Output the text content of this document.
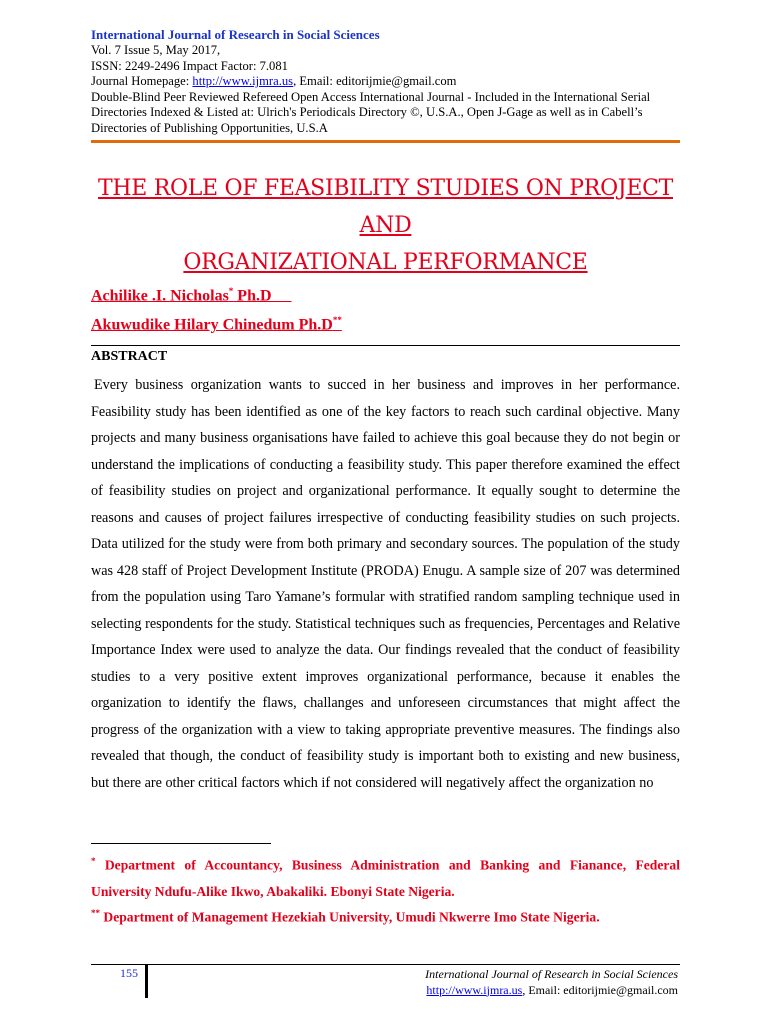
International Journal of Research in Social Sciences
Vol. 7 Issue 5, May 2017,
ISSN: 2249-2496 Impact Factor: 7.081
Journal Homepage: http://www.ijmra.us, Email: editorijmie@gmail.com
Double-Blind Peer Reviewed Refereed Open Access International Journal - Included in the International Serial
Directories Indexed & Listed at: Ulrich's Periodicals Directory ©, U.S.A., Open J-Gage as well as in Cabell’s
Directories of Publishing Opportunities, U.S.A
THE ROLE OF FEASIBILITY STUDIES ON PROJECT AND
ORGANIZATIONAL PERFORMANCE
Achilike .I. Nicholas* Ph.D
Akuwudike Hilary Chinedum Ph.D**
ABSTRACT
Every business organization wants to succed in her business and improves in her performance. Feasibility study has been identified as one of the key factors to reach such cardinal objective. Many projects and many business organisations have failed to achieve this goal because they do not begin or understand the implications of conducting a feasibility study. This paper therefore examined the effect of feasibility studies on project and organizational performance. It equally sought to determine the reasons and causes of project failures irrespective of conducting feasibility studies on such projects. Data utilized for the study were from both primary and secondary sources. The population of the study was 428 staff of Project Development Institute (PRODA) Enugu. A sample size of 207 was determined from the population using Taro Yamane’s formular with stratified random sampling technique used in selecting respondents for the study. Statistical techniques such as frequencies, Percentages and Relative Importance Index were used to analyze the data. Our findings revealed that the conduct of feasibility studies to a very positive extent improves organizational performance, because it enables the organization to identify the flaws, challanges and unforeseen circumstances that might affect the progress of the organization with a view to taking appropriate preventive measures. The findings also revealed that though, the conduct of feasibility study is important both to existing and new business, but there are other critical factors which if not considered will negatively affect the organization no
* Department of Accountancy, Business Administration and Banking and Fianance, Federal University Ndufu-Alike Ikwo, Abakaliki. Ebonyi State Nigeria.
** Department of Management Hezekiah University, Umudi Nkwerre Imo State Nigeria.
155	International Journal of Research in Social Sciences
http://www.ijmra.us, Email: editorijmie@gmail.com
